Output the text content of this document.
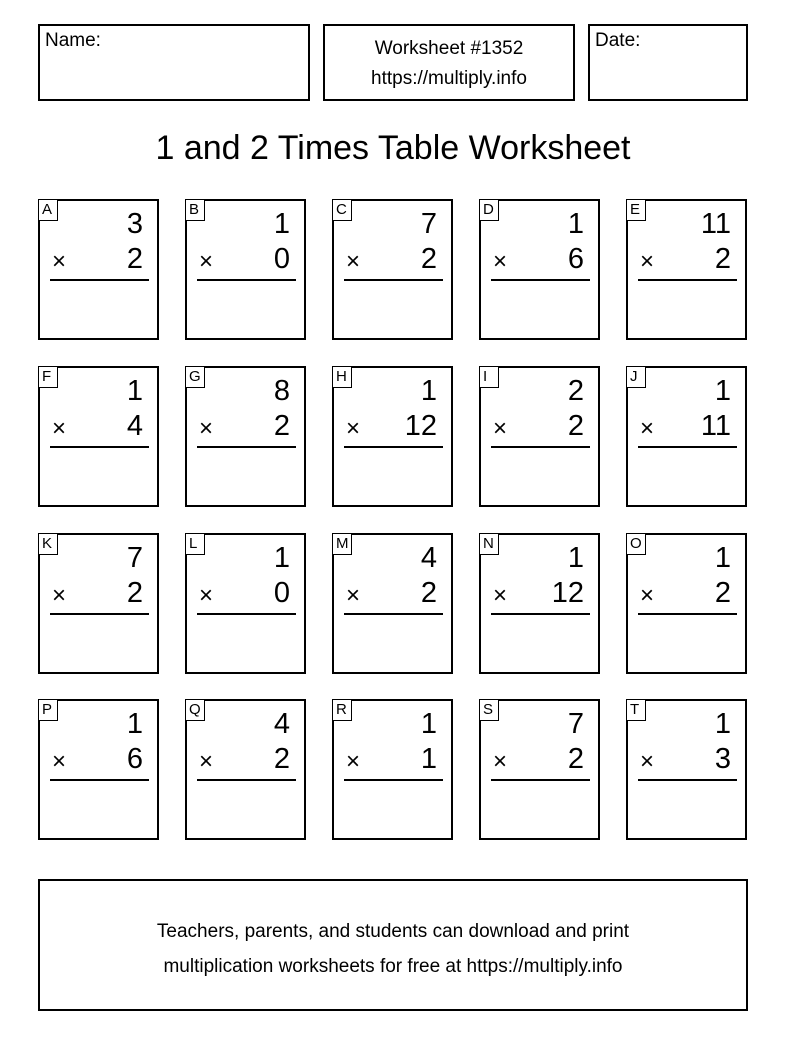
Name:	Worksheet #1352
https://multiply.info
Date:
1 and 2 Times Table Worksheet
A	3
× 2
B	1
× 0
C	7
× 2
D	1
× 6
E 11
× 2
F	1
× 4
G	8
× 2
H	1
× 12
I	2
× 2
J	1
× 11
K	7
× 2
L	1
× 0
M 4
× 2
N	1
× 12
O	1
× 2
P	1
× 6
Q	4
× 2
R	1
× 1
S	7
× 2
T	1
× 3
Teachers, parents, and students can download and print
multiplication worksheets for free at https://multiply.info
